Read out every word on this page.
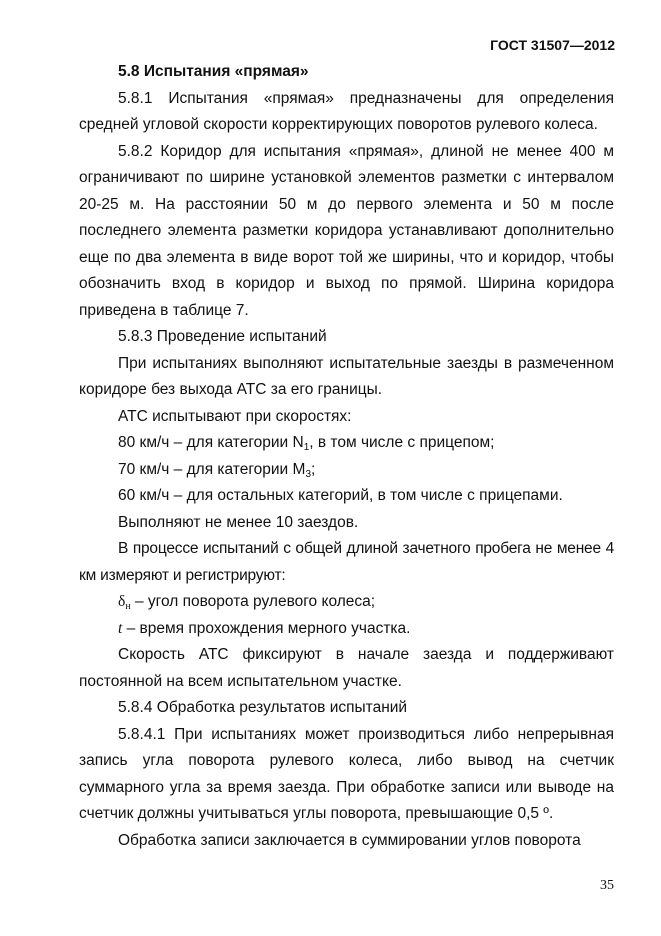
ГОСТ 31507—2012

5.8 Испытания «прямая»

5.8.1 Испытания «прямая» предназначены для определения средней угловой скорости корректирующих поворотов рулевого колеса.

5.8.2 Коридор для испытания «прямая», длиной не менее 400 м ограничивают по ширине установкой элементов разметки с интервалом 20-25 м. На расстоянии 50 м до первого элемента и 50 м после последнего элемента разметки коридора устанавливают дополнительно еще по два элемента в виде ворот той же ширины, что и коридор, чтобы обозначить вход в коридор и выход по прямой. Ширина коридора приведена в таблице 7.

5.8.3 Проведение испытаний

При испытаниях выполняют испытательные заезды в размеченном коридоре без выхода АТС за его границы.

АТС испытывают при скоростях:

80 км/ч – для категории $N_1$, в том числе с прицепом;

70 км/ч – для категории $M_3$;

60 км/ч – для остальных категорий, в том числе с прицепами.

Выполняют не менее 10 заездов.

В процессе испытаний с общей длиной зачетного пробега не менее 4 км измеряют и регистрируют:

$\delta_н$ – угол поворота рулевого колеса;

t – время прохождения мерного участка.

Скорость АТС фиксируют в начале заезда и поддерживают постоянной на всем испытательном участке.

5.8.4 Обработка результатов испытаний

5.8.4.1 При испытаниях может производиться либо непрерывная запись угла поворота рулевого колеса, либо вывод на счетчик суммарного угла за время заезда. При обработке записи или выводе на счетчик должны учитываться углы поворота, превышающие 0,5 º.

Обработка записи заключается в суммировании углов поворота

35
